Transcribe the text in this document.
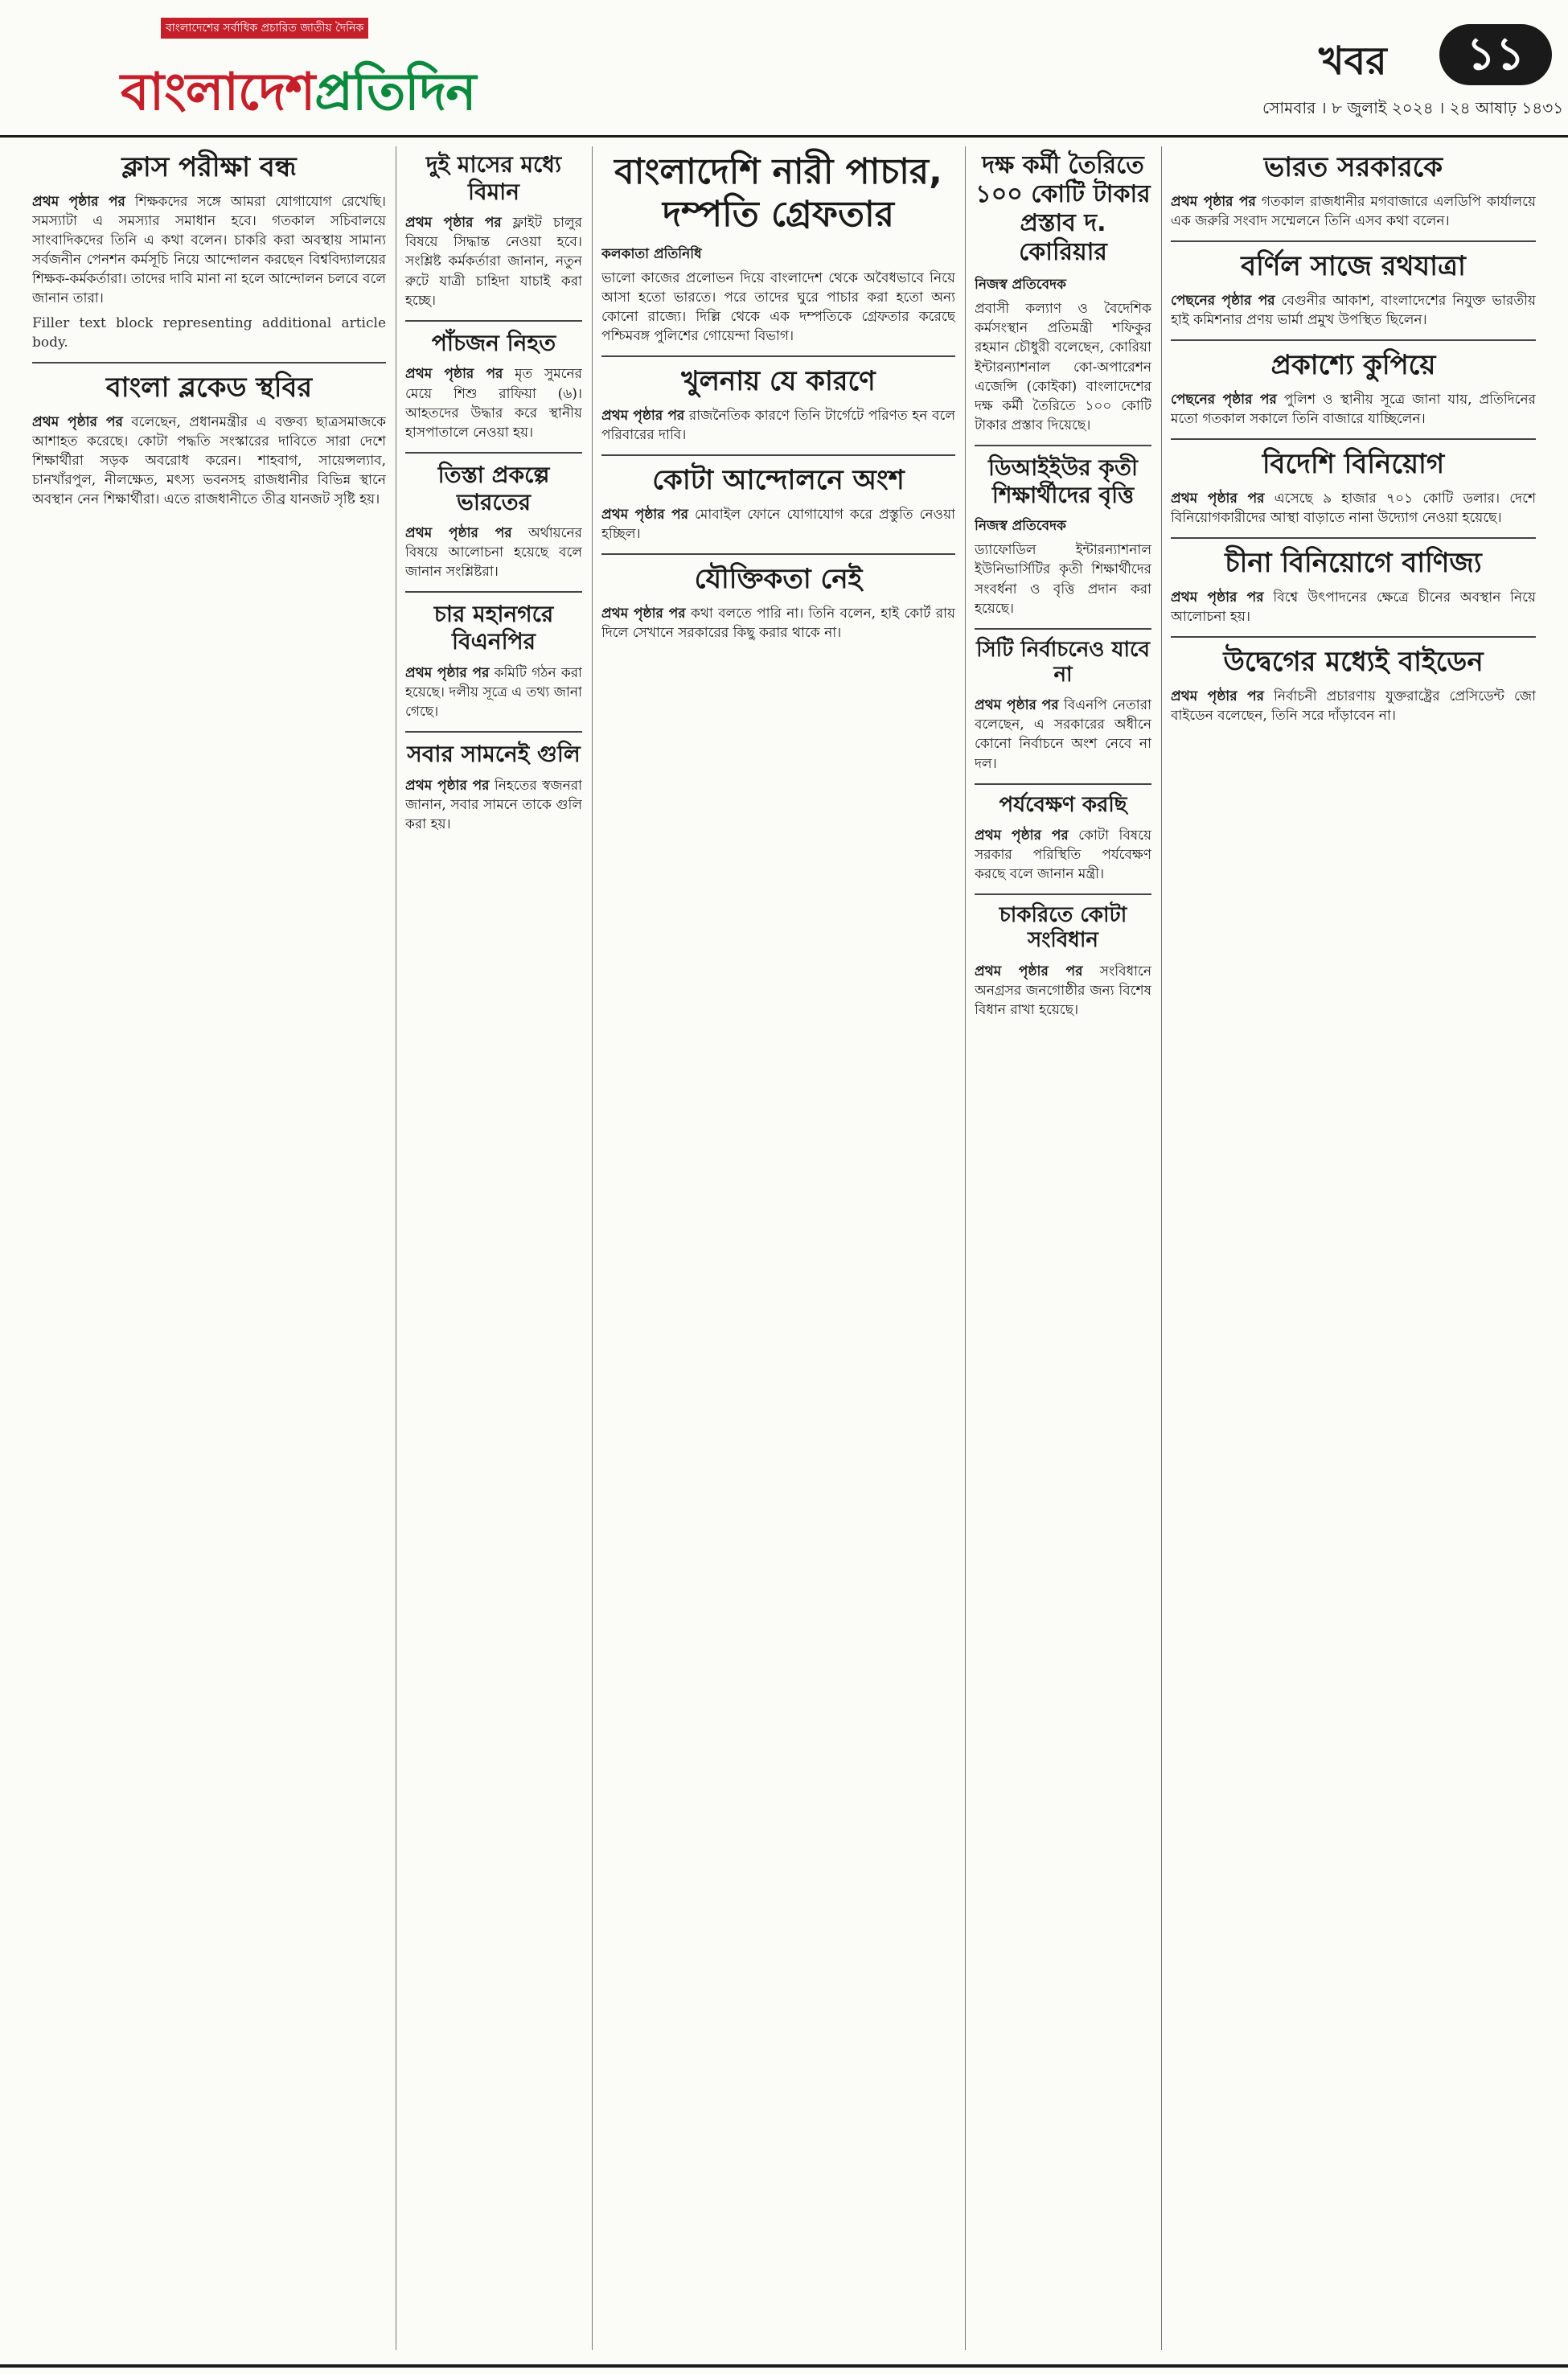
বাংলাদেশের সর্বাধিক প্রচারিত জাতীয় দৈনিক
বাংলাদেশপ্রতিদিন
খবর	১১
সোমবার । ৮ জুলাই ২০২৪ । ২৪ আষাঢ় ১৪৩১
ক্লাস পরীক্ষা বন্ধ

প্রথম পৃষ্ঠার পর শিক্ষকদের সঙ্গে আমরা যোগাযোগ রেখেছি। সমস্যাটা এ সমস্যার সমাধান হবে। গতকাল সচিবালয়ে সাংবাদিকদের তিনি এ কথা বলেন। চাকরি করা অবস্থায় সামান্য সর্বজনীন পেনশন কর্মসূচি নিয়ে আন্দোলন করছেন বিশ্ববিদ্যালয়ের শিক্ষক-কর্মকর্তারা। তাদের দাবি মানা না হলে আন্দোলন চলবে বলে জানান তারা।

Filler text block representing additional article body.

বাংলা ব্লকেড স্থবির

প্রথম পৃষ্ঠার পর বলেছেন, প্রধানমন্ত্রীর এ বক্তব্য ছাত্রসমাজকে আশাহত করেছে। কোটা পদ্ধতি সংস্কারের দাবিতে সারা দেশে শিক্ষার্থীরা সড়ক অবরোধ করেন। শাহবাগ, সায়েন্সল্যাব, চানখাঁরপুল, নীলক্ষেত, মৎস্য ভবনসহ রাজধানীর বিভিন্ন স্থানে অবস্থান নেন শিক্ষার্থীরা। এতে রাজধানীতে তীব্র যানজট সৃষ্টি হয়।

দুই মাসের মধ্যে বিমান

প্রথম পৃষ্ঠার পর ফ্লাইট চালুর বিষয়ে সিদ্ধান্ত নেওয়া হবে। সংশ্লিষ্ট কর্মকর্তারা জানান, নতুন রুটে যাত্রী চাহিদা যাচাই করা হচ্ছে।

পাঁচজন নিহত

প্রথম পৃষ্ঠার পর মৃত সুমনের মেয়ে শিশু রাফিয়া (৬)। আহতদের উদ্ধার করে স্থানীয় হাসপাতালে নেওয়া হয়।

তিস্তা প্রকল্পে ভারতের

প্রথম পৃষ্ঠার পর অর্থায়নের বিষয়ে আলোচনা হয়েছে বলে জানান সংশ্লিষ্টরা।

চার মহানগরে বিএনপির

প্রথম পৃষ্ঠার পর কমিটি গঠন করা হয়েছে। দলীয় সূত্রে এ তথ্য জানা গেছে।

সবার সামনেই গুলি

প্রথম পৃষ্ঠার পর নিহতের স্বজনরা জানান, সবার সামনে তাকে গুলি করা হয়।

বাংলাদেশি নারী পাচার, দম্পতি গ্রেফতার
কলকাতা প্রতিনিধি

ভালো কাজের প্রলোভন দিয়ে বাংলাদেশ থেকে অবৈধভাবে নিয়ে আসা হতো ভারতে। পরে তাদের ঘুরে পাচার করা হতো অন্য কোনো রাজ্যে। দিল্লি থেকে এক দম্পতিকে গ্রেফতার করেছে পশ্চিমবঙ্গ পুলিশের গোয়েন্দা বিভাগ।

খুলনায় যে কারণে

প্রথম পৃষ্ঠার পর রাজনৈতিক কারণে তিনি টার্গেটে পরিণত হন বলে পরিবারের দাবি।

কোটা আন্দোলনে অংশ

প্রথম পৃষ্ঠার পর মোবাইল ফোনে যোগাযোগ করে প্রস্তুতি নেওয়া হচ্ছিল।

যৌক্তিকতা নেই

প্রথম পৃষ্ঠার পর কথা বলতে পারি না। তিনি বলেন, হাই কোর্ট রায় দিলে সেখানে সরকারের কিছু করার থাকে না।

দক্ষ কর্মী তৈরিতে ১০০ কোটি টাকার প্রস্তাব দ. কোরিয়ার
নিজস্ব প্রতিবেদক

প্রবাসী কল্যাণ ও বৈদেশিক কর্মসংস্থান প্রতিমন্ত্রী শফিকুর রহমান চৌধুরী বলেছেন, কোরিয়া ইন্টারন্যাশনাল কো-অপারেশন এজেন্সি (কোইকা) বাংলাদেশের দক্ষ কর্মী তৈরিতে ১০০ কোটি টাকার প্রস্তাব দিয়েছে।

ডিআইইউর কৃতী শিক্ষার্থীদের বৃত্তি
নিজস্ব প্রতিবেদক

ড্যাফোডিল ইন্টারন্যাশনাল ইউনিভার্সিটির কৃতী শিক্ষার্থীদের সংবর্ধনা ও বৃত্তি প্রদান করা হয়েছে।

সিটি নির্বাচনেও যাবে না

প্রথম পৃষ্ঠার পর বিএনপি নেতারা বলেছেন, এ সরকারের অধীনে কোনো নির্বাচনে অংশ নেবে না দল।

পর্যবেক্ষণ করছি

প্রথম পৃষ্ঠার পর কোটা বিষয়ে সরকার পরিস্থিতি পর্যবেক্ষণ করছে বলে জানান মন্ত্রী।

চাকরিতে কোটা সংবিধান

প্রথম পৃষ্ঠার পর সংবিধানে অনগ্রসর জনগোষ্ঠীর জন্য বিশেষ বিধান রাখা হয়েছে।

ভারত সরকারকে

প্রথম পৃষ্ঠার পর গতকাল রাজধানীর মগবাজারে এলডিপি কার্যালয়ে এক জরুরি সংবাদ সম্মেলনে তিনি এসব কথা বলেন।

বর্ণিল সাজে রথযাত্রা

পেছনের পৃষ্ঠার পর বেগুনীর আকাশ, বাংলাদেশের নিযুক্ত ভারতীয় হাই কমিশনার প্রণয় ভার্মা প্রমুখ উপস্থিত ছিলেন।

প্রকাশ্যে কুপিয়ে

পেছনের পৃষ্ঠার পর পুলিশ ও স্থানীয় সূত্রে জানা যায়, প্রতিদিনের মতো গতকাল সকালে তিনি বাজারে যাচ্ছিলেন।

বিদেশি বিনিয়োগ

প্রথম পৃষ্ঠার পর এসেছে ৯ হাজার ৭০১ কোটি ডলার। দেশে বিনিয়োগকারীদের আস্থা বাড়াতে নানা উদ্যোগ নেওয়া হয়েছে।

চীনা বিনিয়োগে বাণিজ্য

প্রথম পৃষ্ঠার পর বিশ্বে উৎপাদনের ক্ষেত্রে চীনের অবস্থান নিয়ে আলোচনা হয়।

উদ্বেগের মধ্যেই বাইডেন

প্রথম পৃষ্ঠার পর নির্বাচনী প্রচারণায় যুক্তরাষ্ট্রের প্রেসিডেন্ট জো বাইডেন বলেছেন, তিনি সরে দাঁড়াবেন না।
